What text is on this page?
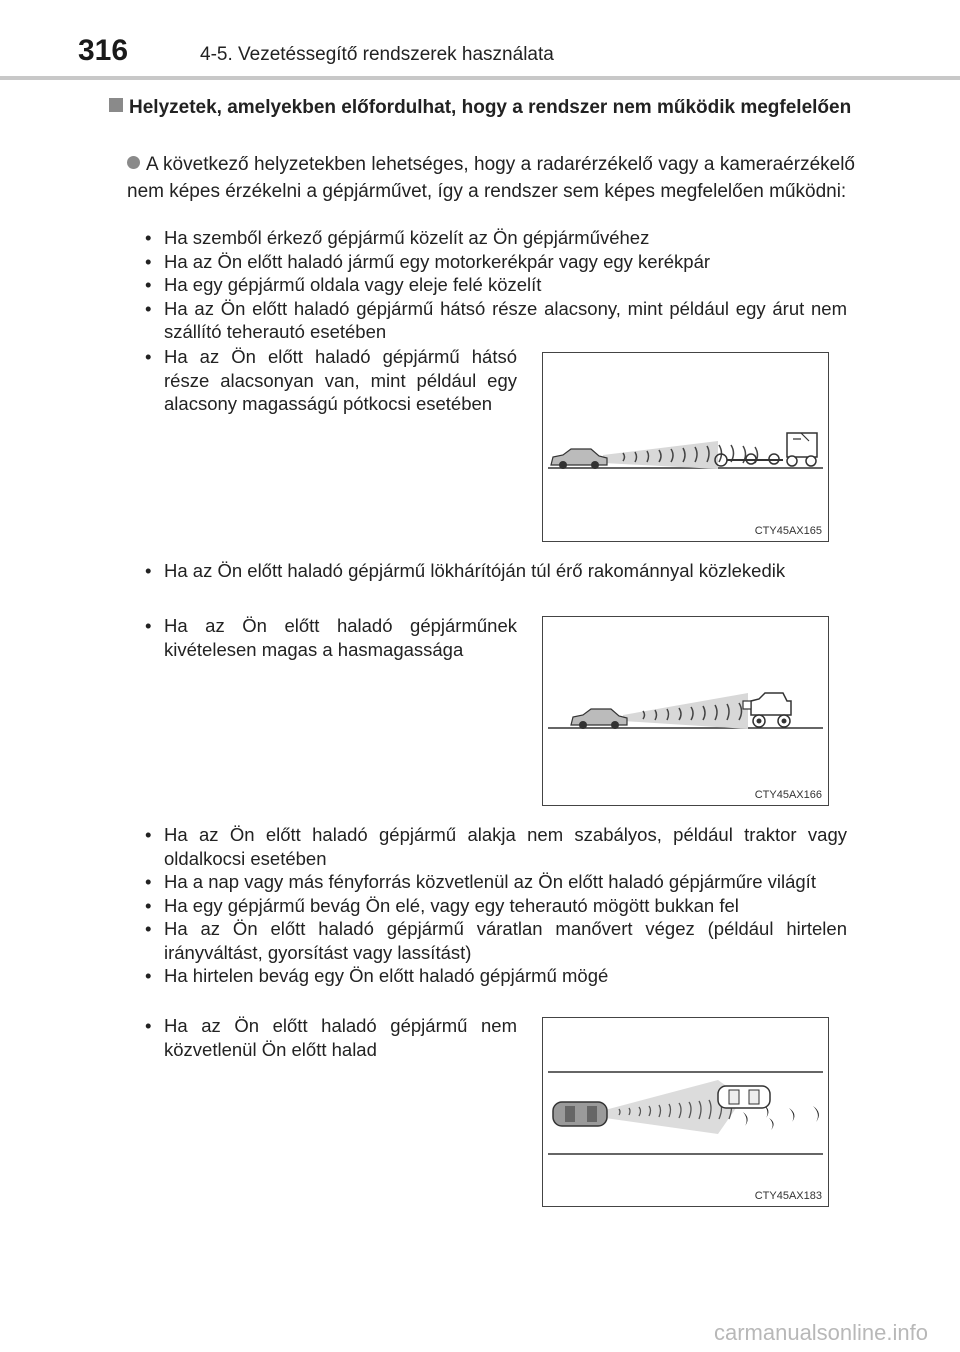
316	4-5. Vezetéssegítő rendszerek használata
Helyzetek, amelyekben előfordulhat, hogy a rendszer nem működik megfelelően
A következő helyzetekben lehetséges, hogy a radarérzékelő vagy a kameraérzékelő nem képes érzékelni a gépjárművet, így a rendszer sem képes megfelelően működni:
• Ha szemből érkező gépjármű közelít az Ön gépjárművéhez
• Ha az Ön előtt haladó jármű egy motorkerékpár vagy egy kerékpár
• Ha egy gépjármű oldala vagy eleje felé közelít
• Ha az Ön előtt haladó gépjármű hátsó része alacsony, mint például egy árut nem szállító teherautó esetében
• Ha az Ön előtt haladó gépjármű hátsó része alacsonyan van, mint például egy alacsony magasságú pótkocsi esetében
CTY45AX165
• Ha az Ön előtt haladó gépjármű lökhárítóján túl érő rakománnyal közlekedik
• Ha az Ön előtt haladó gépjárműnek kivételesen magas a hasmagassága
CTY45AX166
• Ha az Ön előtt haladó gépjármű alakja nem szabályos, például traktor vagy oldalkocsi esetében
• Ha a nap vagy más fényforrás közvetlenül az Ön előtt haladó gépjárműre világít
• Ha egy gépjármű bevág Ön elé, vagy egy teherautó mögött bukkan fel
• Ha az Ön előtt haladó gépjármű váratlan manővert végez (például hirtelen irányváltást, gyorsítást vagy lassítást)
• Ha hirtelen bevág egy Ön előtt haladó gépjármű mögé
• Ha az Ön előtt haladó gépjármű nem közvetlenül Ön előtt halad
CTY45AX183
carmanualsonline.info
